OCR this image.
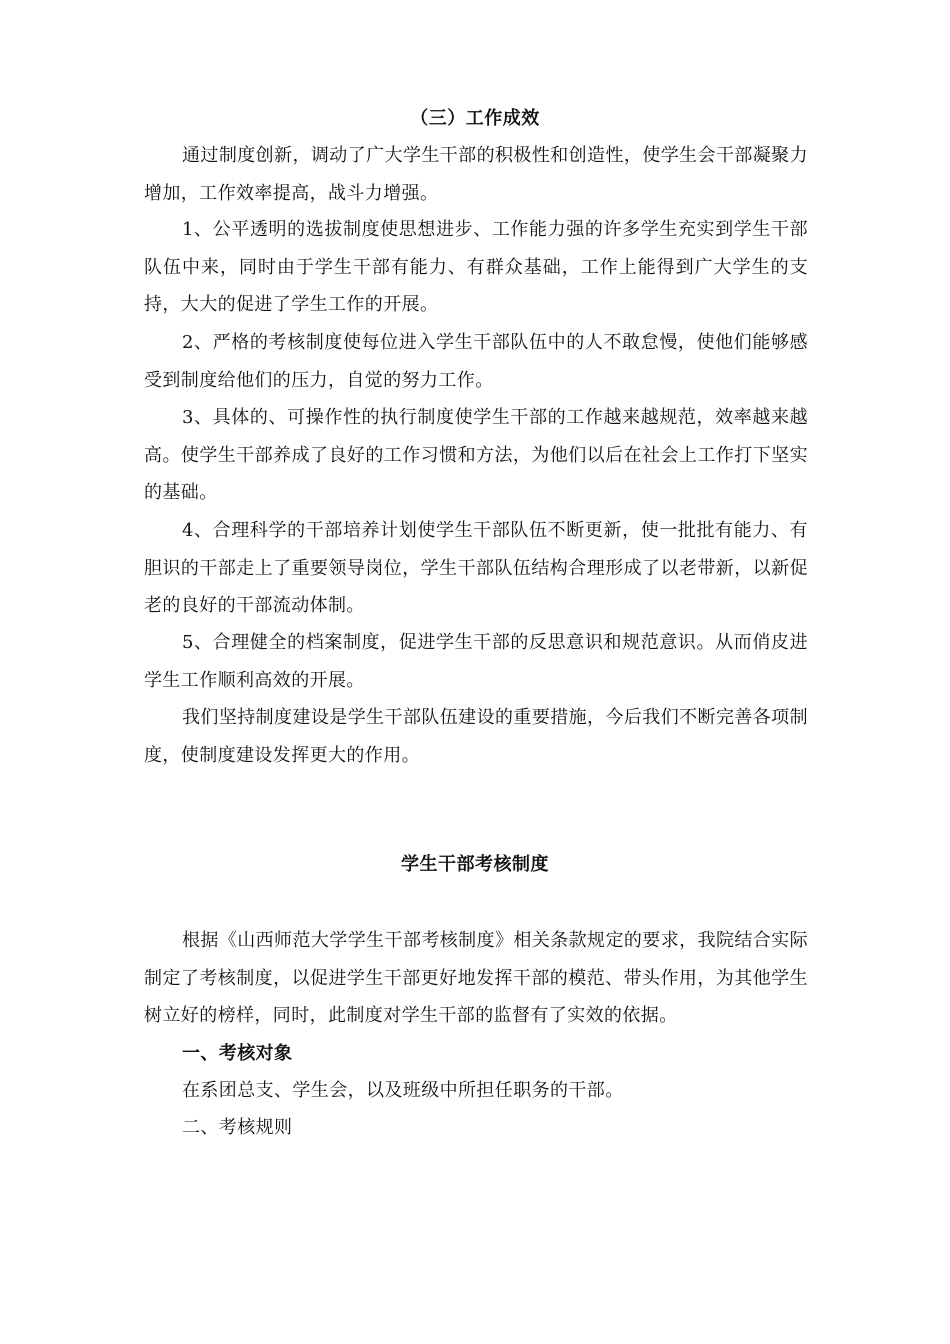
（三）工作成效
通过制度创新，调动了广大学生干部的积极性和创造性，使学生会干部凝聚力增加，工作效率提高，战斗力增强。
1、公平透明的选拔制度使思想进步、工作能力强的许多学生充实到学生干部队伍中来，同时由于学生干部有能力、有群众基础，工作上能得到广大学生的支持，大大的促进了学生工作的开展。
2、严格的考核制度使每位进入学生干部队伍中的人不敢怠慢，使他们能够感受到制度给他们的压力，自觉的努力工作。
3、具体的、可操作性的执行制度使学生干部的工作越来越规范，效率越来越高。使学生干部养成了良好的工作习惯和方法，为他们以后在社会上工作打下坚实的基础。
4、合理科学的干部培养计划使学生干部队伍不断更新，使一批批有能力、有胆识的干部走上了重要领导岗位，学生干部队伍结构合理形成了以老带新，以新促老的良好的干部流动体制。
5、合理健全的档案制度，促进学生干部的反思意识和规范意识。从而俏皮进学生工作顺利高效的开展。
我们坚持制度建设是学生干部队伍建设的重要措施，今后我们不断完善各项制度，使制度建设发挥更大的作用。
学生干部考核制度
根据《山西师范大学学生干部考核制度》相关条款规定的要求，我院结合实际制定了考核制度，以促进学生干部更好地发挥干部的模范、带头作用，为其他学生树立好的榜样，同时，此制度对学生干部的监督有了实效的依据。
一、考核对象
在系团总支、学生会，以及班级中所担任职务的干部。
二、考核规则
